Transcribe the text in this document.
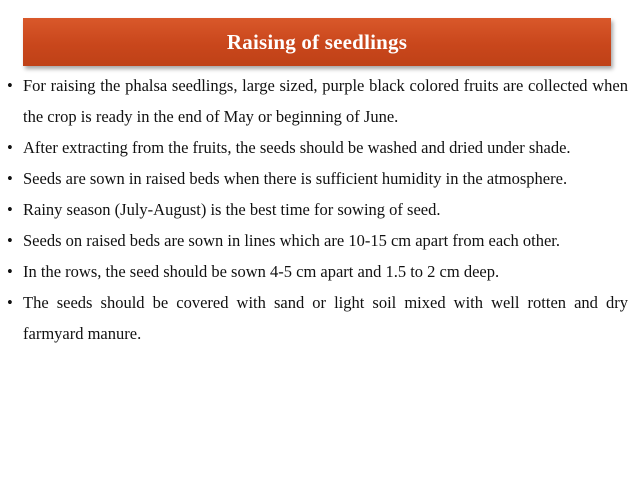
Raising of seedlings
• For raising the phalsa seedlings, large sized, purple black colored fruits are collected when the crop is ready in the end of May or beginning of June.
• After extracting from the fruits, the seeds should be washed and dried under shade.
• Seeds are sown in raised beds when there is sufficient humidity in the atmosphere.
• Rainy season (July-August) is the best time for sowing of seed.
• Seeds on raised beds are sown in lines which are 10-15 cm apart from each other.
• In the rows, the seed should be sown 4-5 cm apart and 1.5 to 2 cm deep.
• The seeds should be covered with sand or light soil mixed with well rotten and dry farmyard manure.
